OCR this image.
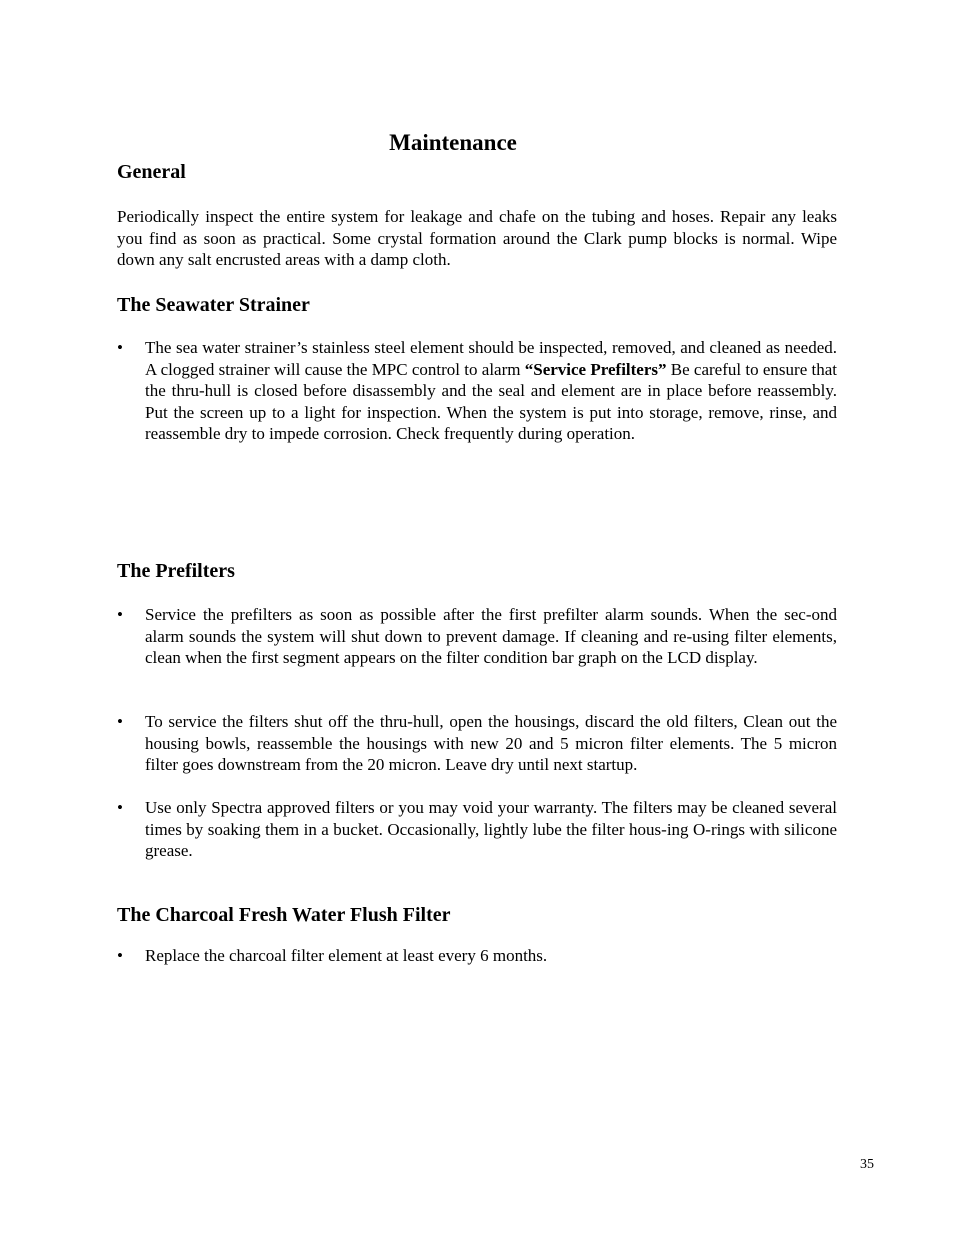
Maintenance
General
Periodically inspect the entire system for leakage and chafe on the tubing and hoses. Repair any leaks you find as soon as practical. Some crystal formation around the Clark pump blocks is normal. Wipe down any salt encrusted areas with a damp cloth.
The Seawater Strainer
• The sea water strainer’s stainless steel element should be inspected, removed, and cleaned as needed. A clogged strainer will cause the MPC control to alarm “Service Prefilters” Be careful to ensure that the thru-hull is closed before disassembly and the seal and element are in place before reassembly. Put the screen up to a light for inspection. When the system is put into storage, remove, rinse, and reassemble dry to impede corrosion. Check frequently during operation.
The Prefilters
• Service the prefilters as soon as possible after the first prefilter alarm sounds. When the sec-ond alarm sounds the system will shut down to prevent damage. If cleaning and re-using filter elements, clean when the first segment appears on the filter condition bar graph on the LCD display.
• To service the filters shut off the thru-hull, open the housings, discard the old filters, Clean out the housing bowls, reassemble the housings with new 20 and 5 micron filter elements. The 5 micron filter goes downstream from the 20 micron. Leave dry until next startup.
• Use only Spectra approved filters or you may void your warranty. The filters may be cleaned several times by soaking them in a bucket. Occasionally, lightly lube the filter hous-ing O-rings with silicone grease.
The Charcoal Fresh Water Flush Filter
• Replace the charcoal filter element at least every 6 months.
35
